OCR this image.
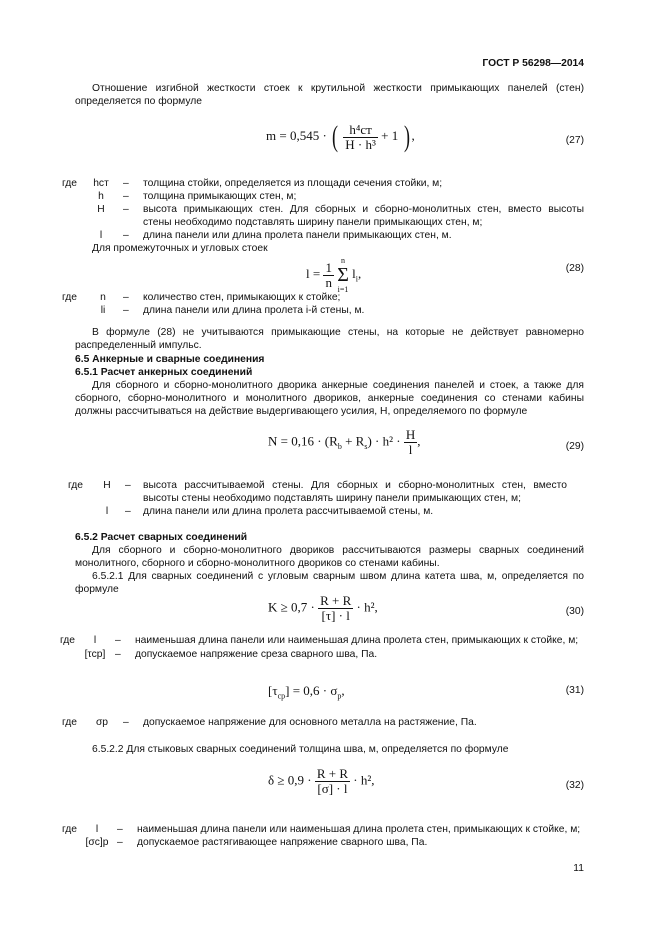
ГОСТ Р 56298—2014
Отношение изгибной жесткости стоек к крутильной жесткости примыкающих панелей (стен) определяется по формуле
m = 0,545 · ( $\frac{\text{h⁴ст}}{\text{H · h³}} + 1$ ) ,	(27)
где	hст	– толщина стойки, определяется из площади сечения стойки, м;
h	– толщина примыкающих стен, м;
H	– высота примыкающих стен. Для сборных и сборно-монолитных стен, вместо высоты
стены необходимо подставлять ширину панели примыкающих стен, м;
l	– длина панели или длина пролета панели примыкающих стен, м.
Для промежуточных и угловых стоек
$l = \frac{1}{n}$ n
Σ
i=1 $l_i$,	(28)
где	n	– количество стен, примыкающих к стойке;
li	– длина панели или длина пролета i-й стены, м.
В формуле (28) не учитываются примыкающие стены, на которые не действует равномерно распределенный импульс.
6.5 Анкерные и сварные соединения
6.5.1 Расчет анкерных соединений
Для сборного и сборно-монолитного дворика анкерные соединения панелей и стоек, а также для сборного, сборно-монолитного и монолитного двориков, анкерные соединения со стенами кабины должны рассчитываться на действие выдергивающего усилия, Н, определяемого по формуле
$N = 0,16 \cdot (R_b + R_s) \cdot h^2 \cdot \frac{H}{l}$ ,	(29)
где	H	– высота рассчитываемой стены. Для сборных и сборно-монолитных стен, вместо
высоты стены необходимо подставлять ширину панели примыкающих стен, м;
l	– длина панели или длина пролета рассчитываемой стены, м.
6.5.2 Расчет сварных соединений
Для сборного и сборно-монолитного двориков рассчитываются размеры сварных соединений монолитного, сборного и сборно-монолитного двориков со стенами кабины.
6.5.2.1 Для сварных соединений с угловым сварным швом длина катета шва, м, определяется по формуле
$K \ge 0,7 \cdot \frac{R + R}{[\tau] \cdot l} \cdot h^2$,	(30)
где	l	– наименьшая длина панели или наименьшая длина пролета стен, примыкающих к стойке, м;
[τср] – допускаемое напряжение среза сварного шва, Па.
$[\tau_{ср}] = 0,6 \cdot \sigma_р$,	(31)
где	σр	– допускаемое напряжение для основного металла на растяжение, Па.
6.5.2.2 Для стыковых сварных соединений толщина шва, м, определяется по формуле
$\delta \ge 0,9 \cdot \frac{R + R}{[\sigma] \cdot l} \cdot h^2$,	(32)
где	l	– наименьшая длина панели или наименьшая длина пролета стен, примыкающих к стойке, м;
[σс]р – допускаемое растягивающее напряжение сварного шва, Па.
11
